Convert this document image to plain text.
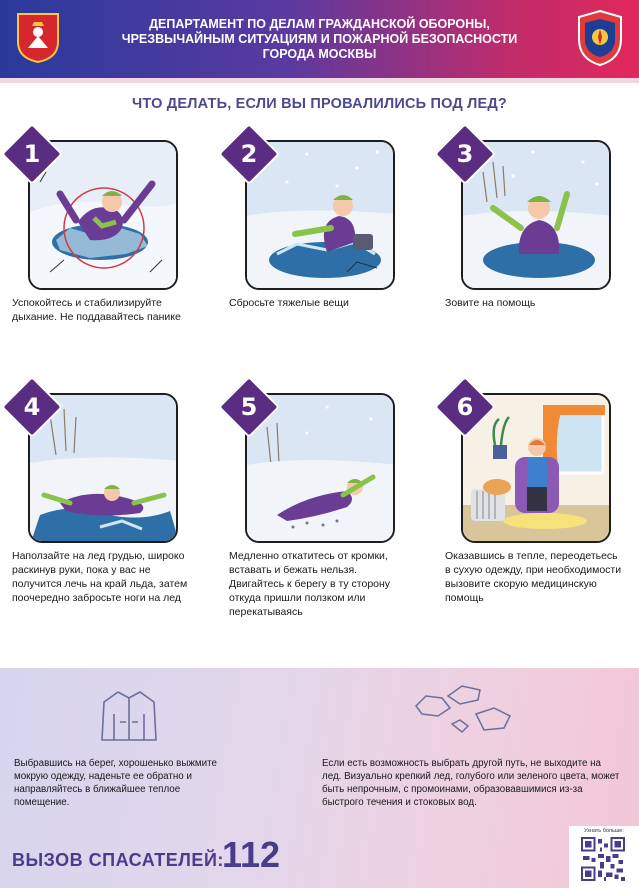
ДЕПАРТАМЕНТ ПО ДЕЛАМ ГРАЖДАНСКОЙ ОБОРОНЫ,
ЧРЕЗВЫЧАЙНЫМ СИТУАЦИЯМ И ПОЖАРНОЙ БЕЗОПАСНОСТИ
ГОРОДА МОСКВЫ
ЧТО ДЕЛАТЬ, ЕСЛИ ВЫ ПРОВАЛИЛИСЬ ПОД ЛЕД?
1
Успокойтесь и стабилизируйте дыхание. Не поддавайтесь панике
2
Сбросьте тяжелые вещи
3
Зовите на помощь
4
Наползайте на лед грудью, широко раскинув руки, пока у вас не получится лечь на край льда, затем поочередно забросьте ноги на лед
5
Медленно откатитесь от кромки, вставать и бежать нельзя. Двигайтесь к берегу в ту сторону откуда пришли ползком или перекатываясь
6
Оказавшись в тепле, переодетьесь в сухую одежду, при необходимости вызовите скорую медицинскую помощь
Выбравшись на берег, хорошенько выжмите мокрую одежду, наденьте ее обратно и направляйтесь в ближайшее теплое помещение.
Если есть возможность выбрать другой путь, не выходите на лед. Визуально крепкий лед, голубого или зеленого цвета, может быть непрочным, с промоинами, образовавшимися из-за быстрого течения и стоковых вод.
ВЫЗОВ СПАСАТЕЛЕЙ:
112
Узнать больше:
